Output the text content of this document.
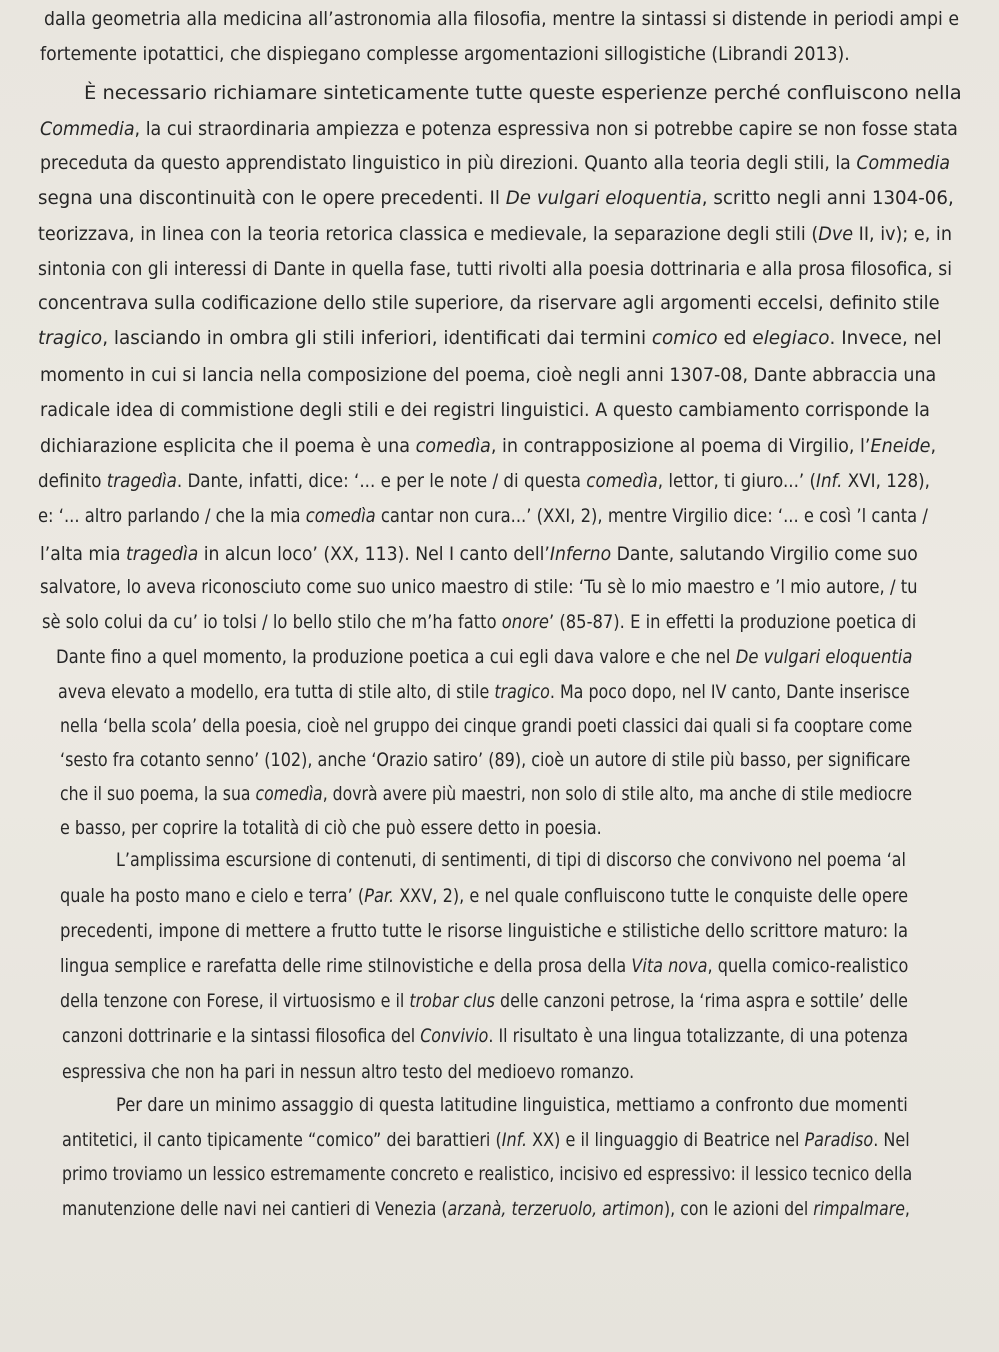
dalla geometria alla medicina all’astronomia alla filosofia, mentre la sintassi si distende in periodi ampi e
fortemente ipotattici, che dispiegano complesse argomentazioni sillogistiche (Librandi 2013).
È necessario richiamare sinteticamente tutte queste esperienze perché confluiscono nella
Commedia, la cui straordinaria ampiezza e potenza espressiva non si potrebbe capire se non fosse stata
preceduta da questo apprendistato linguistico in più direzioni. Quanto alla teoria degli stili, la Commedia
segna una discontinuità con le opere precedenti. Il De vulgari eloquentia, scritto negli anni 1304-06,
teorizzava, in linea con la teoria retorica classica e medievale, la separazione degli stili (Dve II, iv); e, in
sintonia con gli interessi di Dante in quella fase, tutti rivolti alla poesia dottrinaria e alla prosa filosofica, si
concentrava sulla codificazione dello stile superiore, da riservare agli argomenti eccelsi, definito stile
tragico, lasciando in ombra gli stili inferiori, identificati dai termini comico ed elegiaco. Invece, nel
momento in cui si lancia nella composizione del poema, cioè negli anni 1307-08, Dante abbraccia una
radicale idea di commistione degli stili e dei registri linguistici. A questo cambiamento corrisponde la
dichiarazione esplicita che il poema è una comedìa, in contrapposizione al poema di Virgilio, l’Eneide,
definito tragedìa. Dante, infatti, dice: ‘... e per le note / di questa comedìa, lettor, ti giuro...’ (Inf. XVI, 128),
e: ‘... altro parlando / che la mia comedìa cantar non cura...’ (XXI, 2), mentre Virgilio dice: ‘... e così ’l canta /
l’alta mia tragedìa in alcun loco’ (XX, 113). Nel I canto dell’Inferno Dante, salutando Virgilio come suo
salvatore, lo aveva riconosciuto come suo unico maestro di stile: ‘Tu sè lo mio maestro e ’l mio autore, / tu
sè solo colui da cu’ io tolsi / lo bello stilo che m’ha fatto onore’ (85-87). E in effetti la produzione poetica di
Dante fino a quel momento, la produzione poetica a cui egli dava valore e che nel De vulgari eloquentia
aveva elevato a modello, era tutta di stile alto, di stile tragico. Ma poco dopo, nel IV canto, Dante inserisce
nella ‘bella scola’ della poesia, cioè nel gruppo dei cinque grandi poeti classici dai quali si fa cooptare come
‘sesto fra cotanto senno’ (102), anche ‘Orazio satiro’ (89), cioè un autore di stile più basso, per significare
che il suo poema, la sua comedìa, dovrà avere più maestri, non solo di stile alto, ma anche di stile mediocre
e basso, per coprire la totalità di ciò che può essere detto in poesia.
L’amplissima escursione di contenuti, di sentimenti, di tipi di discorso che convivono nel poema ‘al
quale ha posto mano e cielo e terra’ (Par. XXV, 2), e nel quale confluiscono tutte le conquiste delle opere
precedenti, impone di mettere a frutto tutte le risorse linguistiche e stilistiche dello scrittore maturo: la
lingua semplice e rarefatta delle rime stilnovistiche e della prosa della Vita nova, quella comico-realistico
della tenzone con Forese, il virtuosismo e il trobar clus delle canzoni petrose, la ‘rima aspra e sottile’ delle
canzoni dottrinarie e la sintassi filosofica del Convivio. Il risultato è una lingua totalizzante, di una potenza
espressiva che non ha pari in nessun altro testo del medioevo romanzo.
Per dare un minimo assaggio di questa latitudine linguistica, mettiamo a confronto due momenti
antitetici, il canto tipicamente “comico” dei barattieri (Inf. XX) e il linguaggio di Beatrice nel Paradiso. Nel
primo troviamo un lessico estremamente concreto e realistico, incisivo ed espressivo: il lessico tecnico della
manutenzione delle navi nei cantieri di Venezia (arzanà, terzeruolo, artimon), con le azioni del rimpalmare,
